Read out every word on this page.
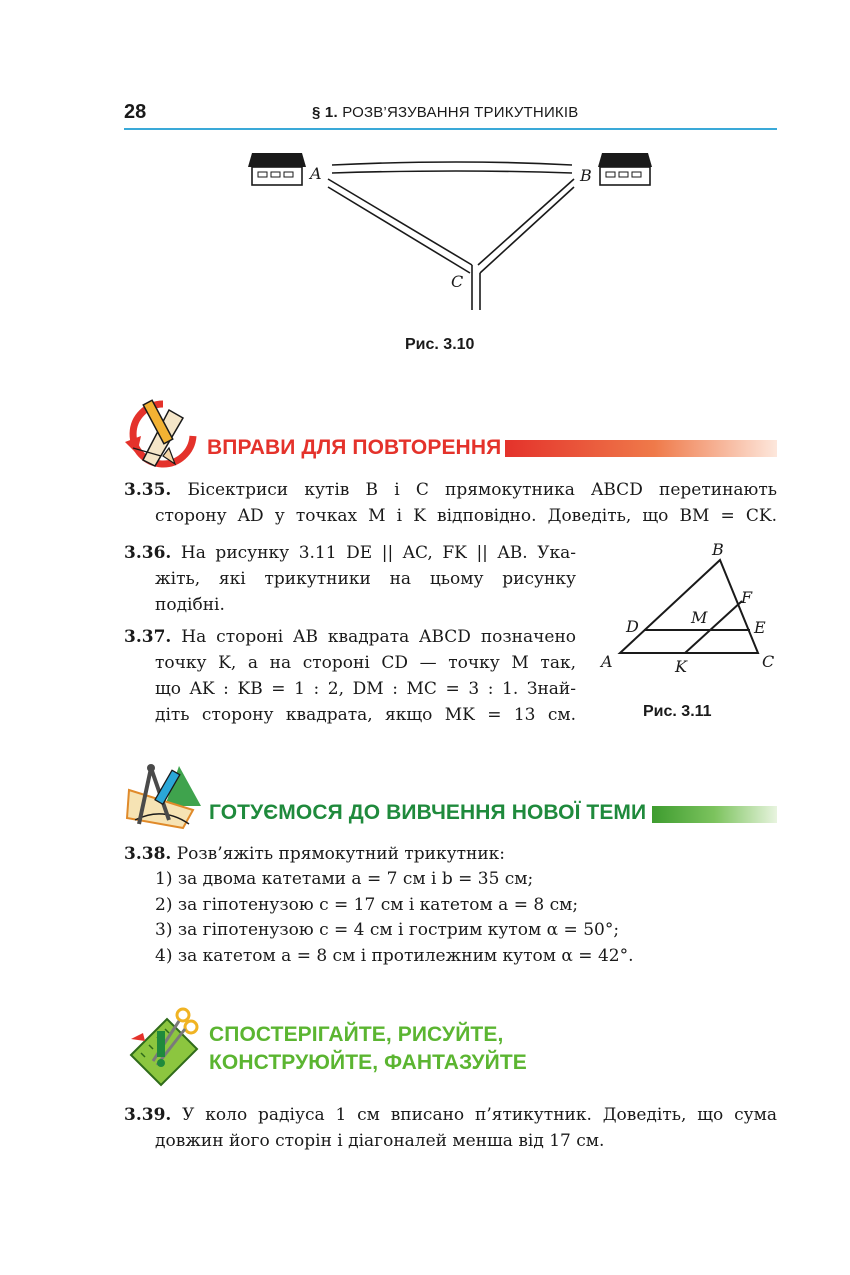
28	§ 1. РОЗВ’ЯЗУВАННЯ ТРИКУТНИКІВ
A	B
C
Рис. 3.10
ВПРАВИ ДЛЯ ПОВТОРЕННЯ
3.35. Бісектриси кутів B і C прямокутника ABCD перетинають
сторону AD у точках M і K відповідно. Доведіть, що BM = CK.
3.36. На рисунку 3.11 DE || AC, FK || AB. Ука-
жіть, які трикутники на цьому рисунку
подібні.
3.37. На стороні AB квадрата ABCD позначено
точку K, а на стороні CD — точку M так,
що AK : KB = 1 : 2, DM : MC = 3 : 1. Знай-
діть сторону квадрата, якщо MK = 13 см.
B
F
M
D	E
A	K	C
Рис. 3.11
ГОТУЄМОСЯ ДО ВИВЧЕННЯ НОВОЇ ТЕМИ
3.38. Розв’яжіть прямокутний трикутник:
1) за двома катетами a = 7 см і b = 35 см;
2) за гіпотенузою c = 17 см і катетом a = 8 см;
3) за гіпотенузою c = 4 см і гострим кутом α = 50°;
4) за катетом a = 8 см і протилежним кутом α = 42°.
СПОСТЕРІГАЙТЕ, РИСУЙТЕ,
КОНСТРУЮЙТЕ, ФАНТАЗУЙТЕ
3.39. У коло радіуса 1 см вписано п’ятикутник. Доведіть, що сума
довжин його сторін і діагоналей менша від 17 см.
